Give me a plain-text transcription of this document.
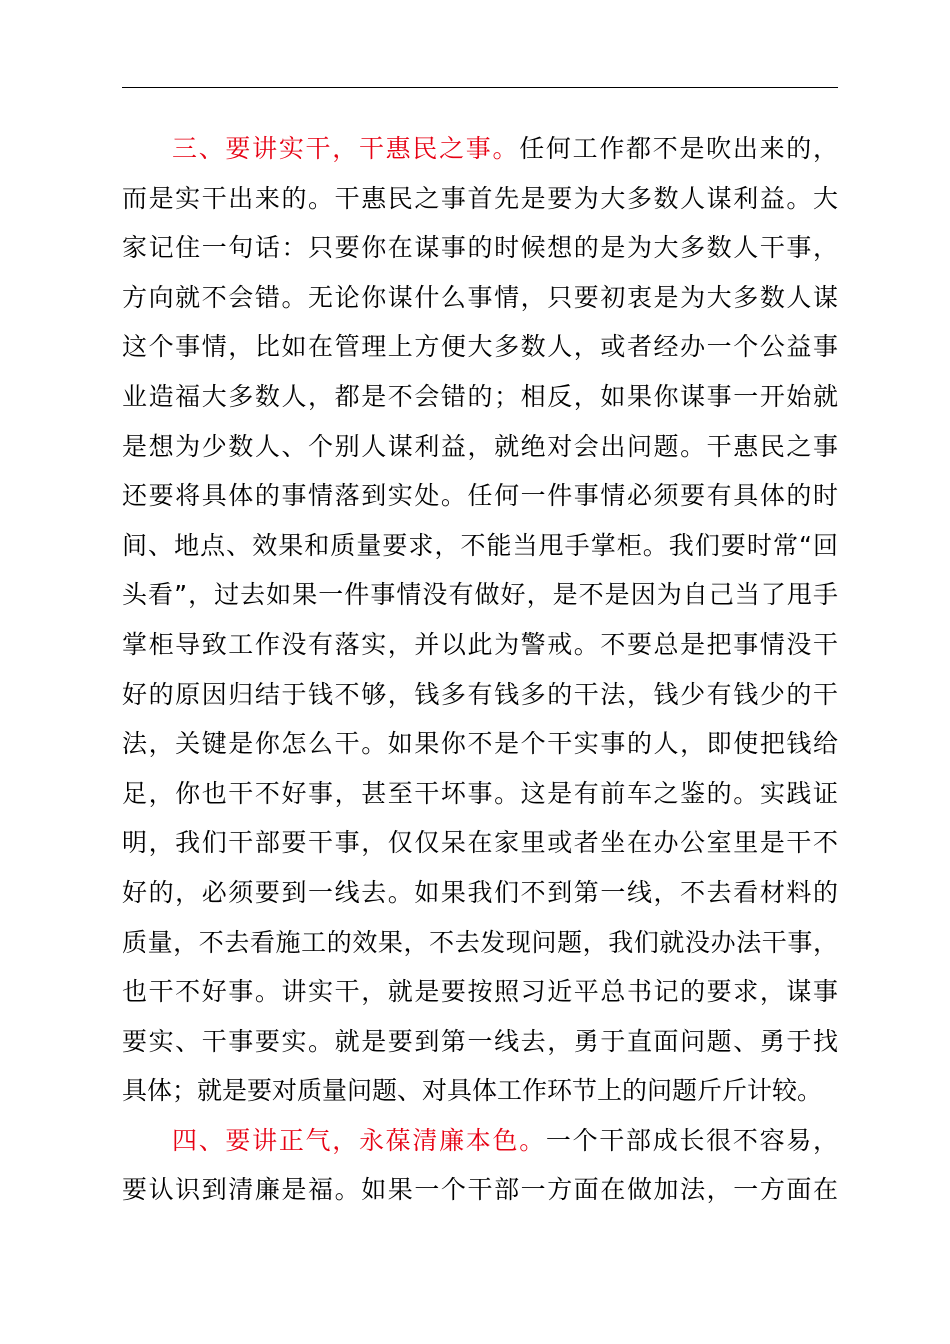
三、要讲实干，干惠民之事。任何工作都不是吹出来的，
而是实干出来的。干惠民之事首先是要为大多数人谋利益。大
家记住一句话：只要你在谋事的时候想的是为大多数人干事，
方向就不会错。无论你谋什么事情，只要初衷是为大多数人谋
这个事情，比如在管理上方便大多数人，或者经办一个公益事
业造福大多数人，都是不会错的；相反，如果你谋事一开始就
是想为少数人、个别人谋利益，就绝对会出问题。干惠民之事
还要将具体的事情落到实处。任何一件事情必须要有具体的时
间、地点、效果和质量要求，不能当甩手掌柜。我们要时常“回
头看”，过去如果一件事情没有做好，是不是因为自己当了甩手
掌柜导致工作没有落实，并以此为警戒。不要总是把事情没干
好的原因归结于钱不够，钱多有钱多的干法，钱少有钱少的干
法，关键是你怎么干。如果你不是个干实事的人，即使把钱给
足，你也干不好事，甚至干坏事。这是有前车之鉴的。实践证
明，我们干部要干事，仅仅呆在家里或者坐在办公室里是干不
好的，必须要到一线去。如果我们不到第一线，不去看材料的
质量，不去看施工的效果，不去发现问题，我们就没办法干事，
也干不好事。讲实干，就是要按照习近平总书记的要求，谋事
要实、干事要实。就是要到第一线去，勇于直面问题、勇于找
具体；就是要对质量问题、对具体工作环节上的问题斤斤计较。
四、要讲正气，永葆清廉本色。一个干部成长很不容易，
要认识到清廉是福。如果一个干部一方面在做加法，一方面在
